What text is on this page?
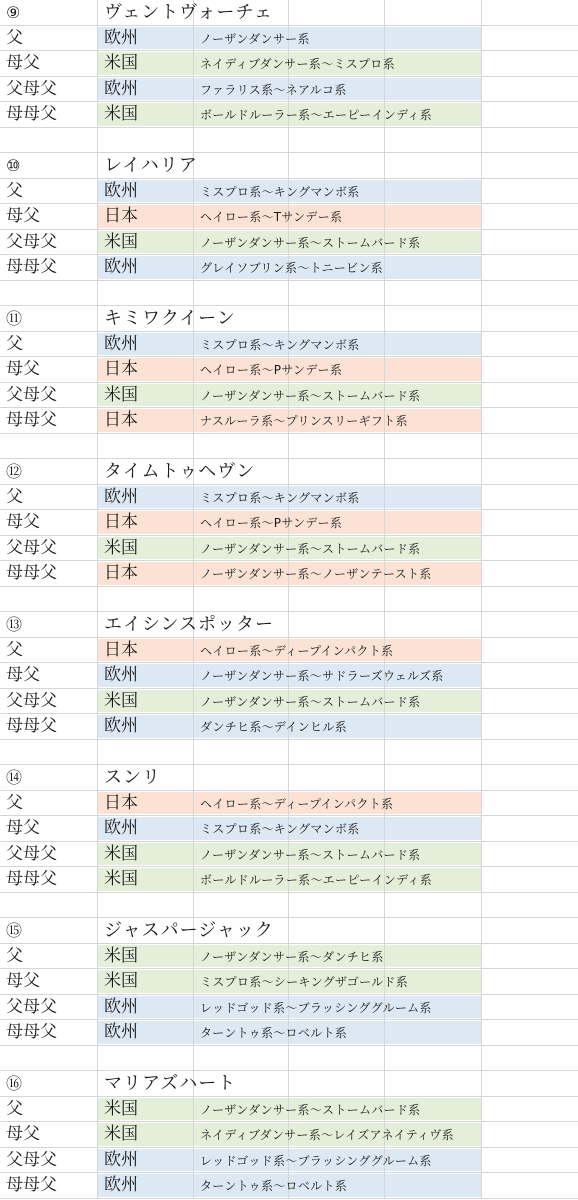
⑨	ヴェントヴォーチェ
父	欧州	ノーザンダンサー系
母父	米国	ネイディブダンサー系～ミスプロ系
父母父	欧州	ファラリス系～ネアルコ系
母母父	米国	ボールドルーラー系～エーピーインディ系
⑩	レイハリア
父	欧州	ミスプロ系～キングマンボ系
母父	日本	ヘイロー系～Tサンデー系
父母父	米国	ノーザンダンサー系～ストームバード系
母母父	欧州	グレイソブリン系～トニービン系
⑪	キミワクイーン
父	欧州	ミスプロ系～キングマンボ系
母父	日本	ヘイロー系～Pサンデー系
父母父	米国	ノーザンダンサー系～ストームバード系
母母父	日本	ナスルーラ系～プリンスリーギフト系
⑫	タイムトゥヘヴン
父	欧州	ミスプロ系～キングマンボ系
母父	日本	ヘイロー系～Pサンデー系
父母父	米国	ノーザンダンサー系～ストームバード系
母母父	日本	ノーザンダンサー系～ノーザンテースト系
⑬	エイシンスポッター
父	日本	ヘイロー系～ディープインパクト系
母父	欧州	ノーザンダンサー系～サドラーズウェルズ系
父母父	米国	ノーザンダンサー系～ストームバード系
母母父	欧州	ダンチヒ系～デインヒル系
⑭	スンリ
父	日本	ヘイロー系～ディープインパクト系
母父	欧州	ミスプロ系～キングマンボ系
父母父	米国	ノーザンダンサー系～ストームバード系
母母父	米国	ボールドルーラー系～エーピーインディ系
⑮	ジャスパージャック
父	米国	ノーザンダンサー系～ダンチヒ系
母父	米国	ミスプロ系～シーキングザゴールド系
父母父	欧州	レッドゴッド系～ブラッシンググルーム系
母母父	欧州	ターントゥ系～ロベルト系
⑯	マリアズハート
父	米国	ノーザンダンサー系～ストームバード系
母父	米国	ネイディブダンサー系～レイズアネイティヴ系
父母父	欧州	レッドゴッド系～ブラッシンググルーム系
母母父	欧州	ターントゥ系～ロベルト系
